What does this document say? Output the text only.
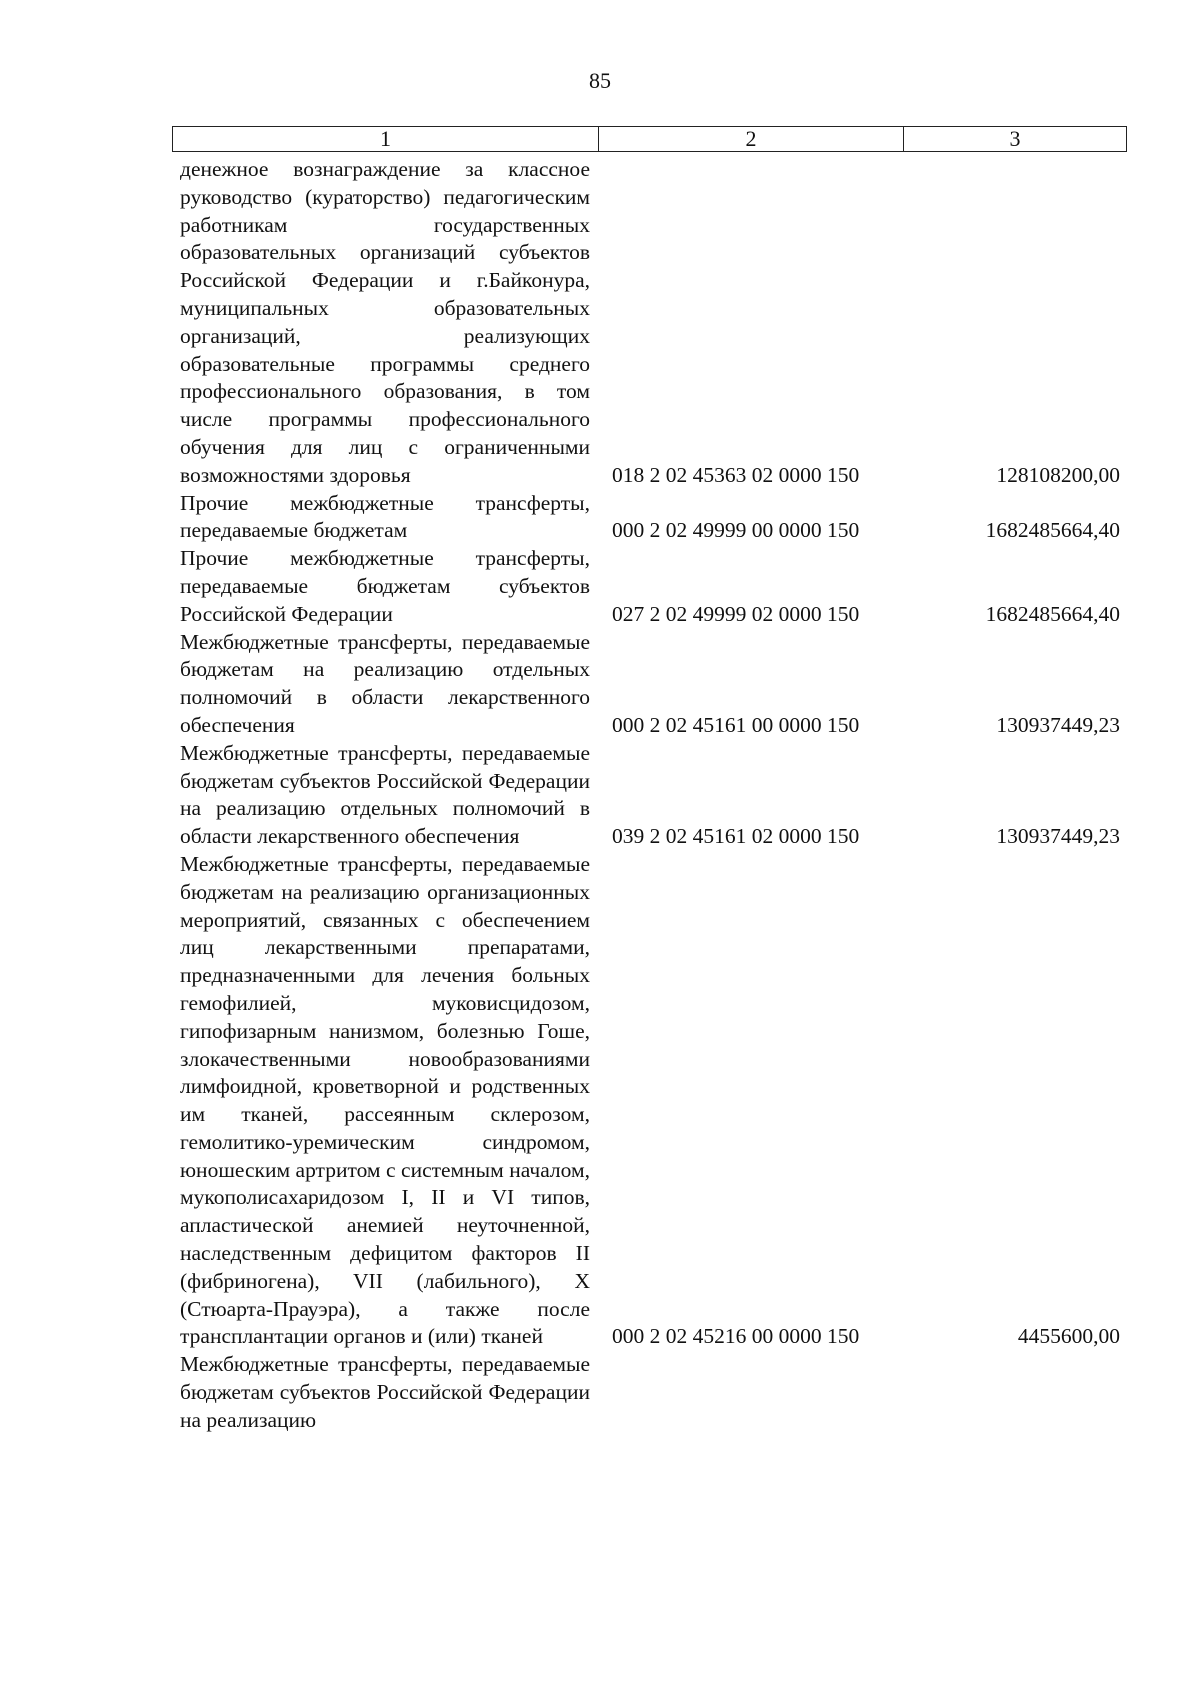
85
1	2	3
денежное вознаграждение за классное руководство (кураторство) педагогическим работникам государственных образовательных организаций субъектов Российской Федерации и г.Байконура, муниципальных образовательных организаций, реализующих образовательные программы среднего профессионального образования, в том числе программы профессионального обучения для лиц с ограниченными возможностями здоровья	018 2 02 45363 02 0000 150	128108200,00
Прочие межбюджетные трансферты, передаваемые бюджетам	000 2 02 49999 00 0000 150	1682485664,40
Прочие межбюджетные трансферты, передаваемые бюджетам субъектов Российской Федерации	027 2 02 49999 02 0000 150	1682485664,40
Межбюджетные трансферты, передаваемые бюджетам на реализацию отдельных полномочий в области лекарственного обеспечения	000 2 02 45161 00 0000 150	130937449,23
Межбюджетные трансферты, передаваемые бюджетам субъектов Российской Федерации на реализацию отдельных полномочий в области лекарственного обеспечения	039 2 02 45161 02 0000 150	130937449,23
Межбюджетные трансферты, передаваемые бюджетам на реализацию организационных мероприятий, связанных с обеспечением лиц лекарственными препаратами, предназначенными для лечения больных гемофилией, муковисцидозом, гипофизарным нанизмом, болезнью Гоше, злокачественными новообразованиями лимфоидной, кроветворной и родственных им тканей, рассеянным склерозом, гемолитико-уремическим синдромом, юношеским артритом с системным началом, мукополисахаридозом I, II и VI типов, апластической анемией неуточненной, наследственным дефицитом факторов II (фибриногена), VII (лабильного), X (Стюарта-Прауэра), а также после трансплантации органов и (или) тканей	000 2 02 45216 00 0000 150	4455600,00
Межбюджетные трансферты, передаваемые бюджетам субъектов Российской Федерации на реализацию
